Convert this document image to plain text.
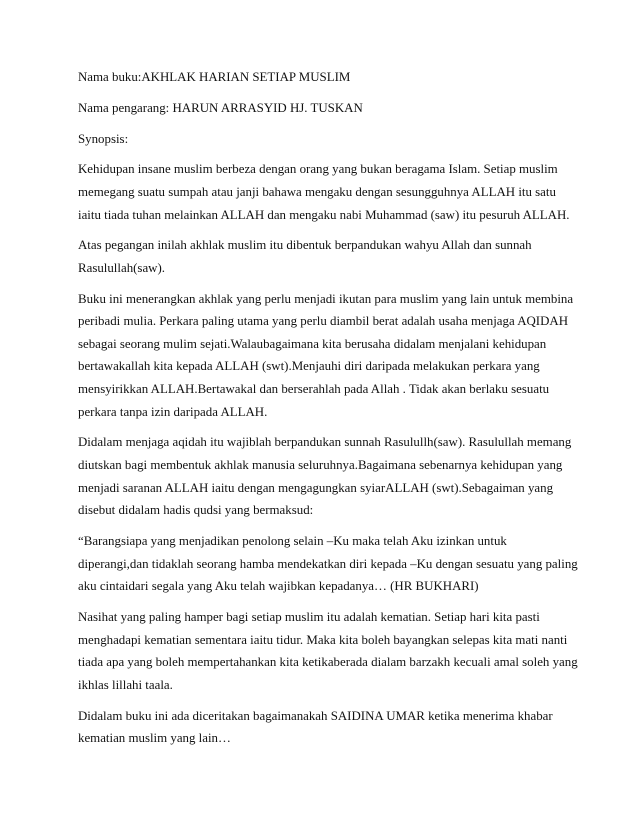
Nama buku:AKHLAK HARIAN SETIAP MUSLIM

Nama pengarang: HARUN ARRASYID HJ. TUSKAN

Synopsis:

Kehidupan insane muslim berbeza dengan orang yang bukan beragama Islam. Setiap muslim

memegang suatu sumpah atau janji bahawa mengaku dengan sesungguhnya ALLAH itu satu

iaitu tiada tuhan melainkan ALLAH dan mengaku nabi Muhammad (saw) itu pesuruh ALLAH.

Atas pegangan inilah akhlak muslim itu dibentuk berpandukan wahyu Allah dan sunnah

Rasulullah(saw).

Buku ini menerangkan akhlak yang perlu menjadi ikutan para muslim yang lain untuk membina

peribadi mulia. Perkara paling utama yang perlu diambil berat adalah usaha menjaga AQIDAH

sebagai seorang mulim sejati.Walaubagaimana kita berusaha didalam menjalani kehidupan

bertawakallah kita kepada ALLAH (swt).Menjauhi diri daripada melakukan perkara yang

mensyirikkan ALLAH.Bertawakal dan berserahlah pada Allah . Tidak akan berlaku sesuatu

perkara tanpa izin daripada ALLAH.

Didalam menjaga aqidah itu wajiblah berpandukan sunnah Rasulullh(saw). Rasulullah memang

diutskan bagi membentuk akhlak manusia seluruhnya.Bagaimana sebenarnya kehidupan yang

menjadi saranan ALLAH iaitu dengan mengagungkan syiarALLAH (swt).Sebagaiman yang

disebut didalam hadis qudsi yang bermaksud:

“Barangsiapa yang menjadikan penolong selain –Ku maka telah Aku izinkan untuk

diperangi,dan tidaklah seorang hamba mendekatkan diri kepada –Ku dengan sesuatu yang paling

aku cintaidari segala yang Aku telah wajibkan kepadanya… (HR BUKHARI)

Nasihat yang paling hamper bagi setiap muslim itu adalah kematian. Setiap hari kita pasti

menghadapi kematian sementara iaitu tidur. Maka kita boleh bayangkan selepas kita mati nanti

tiada apa yang boleh mempertahankan kita ketikaberada dialam barzakh kecuali amal soleh yang

ikhlas lillahi taala.

Didalam buku ini ada diceritakan bagaimanakah SAIDINA UMAR ketika menerima khabar

kematian muslim yang lain…
